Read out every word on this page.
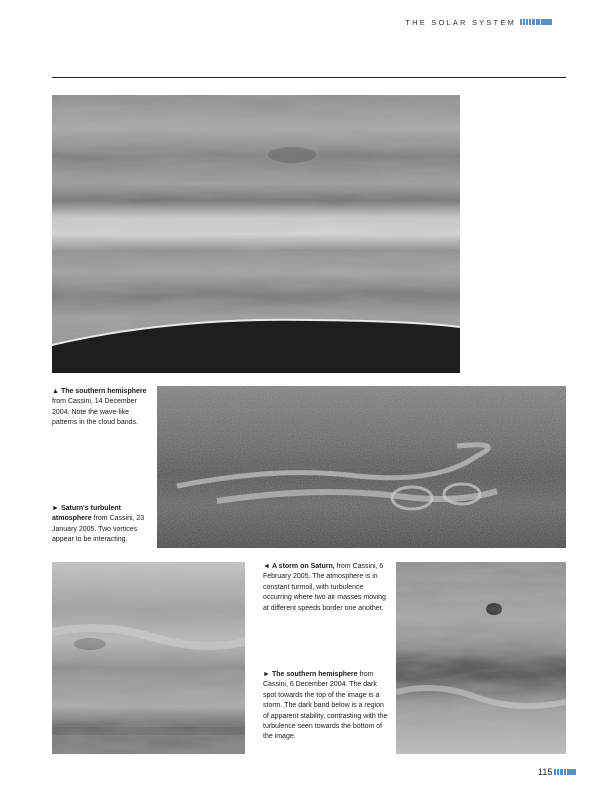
THE SOLAR SYSTEM
▲ The southern hemisphere from Cassini, 14 December 2004. Note the wave-like patterns in the cloud bands.
► Saturn's turbulent atmosphere from Cassini, 23 January 2005. Two vortices appear to be interacting.
◄ A storm on Saturn, from Cassini, 6 February 2005. The atmosphere is in constant turmoil, with turbulence occurring where two air masses moving at different speeds border one another.
► The southern hemisphere from Cassini, 6 December 2004. The dark spot towards the top of the image is a storm. The dark band below is a region of apparent stability, contrasting with the turbulence seen towards the bottom of the image.
115
